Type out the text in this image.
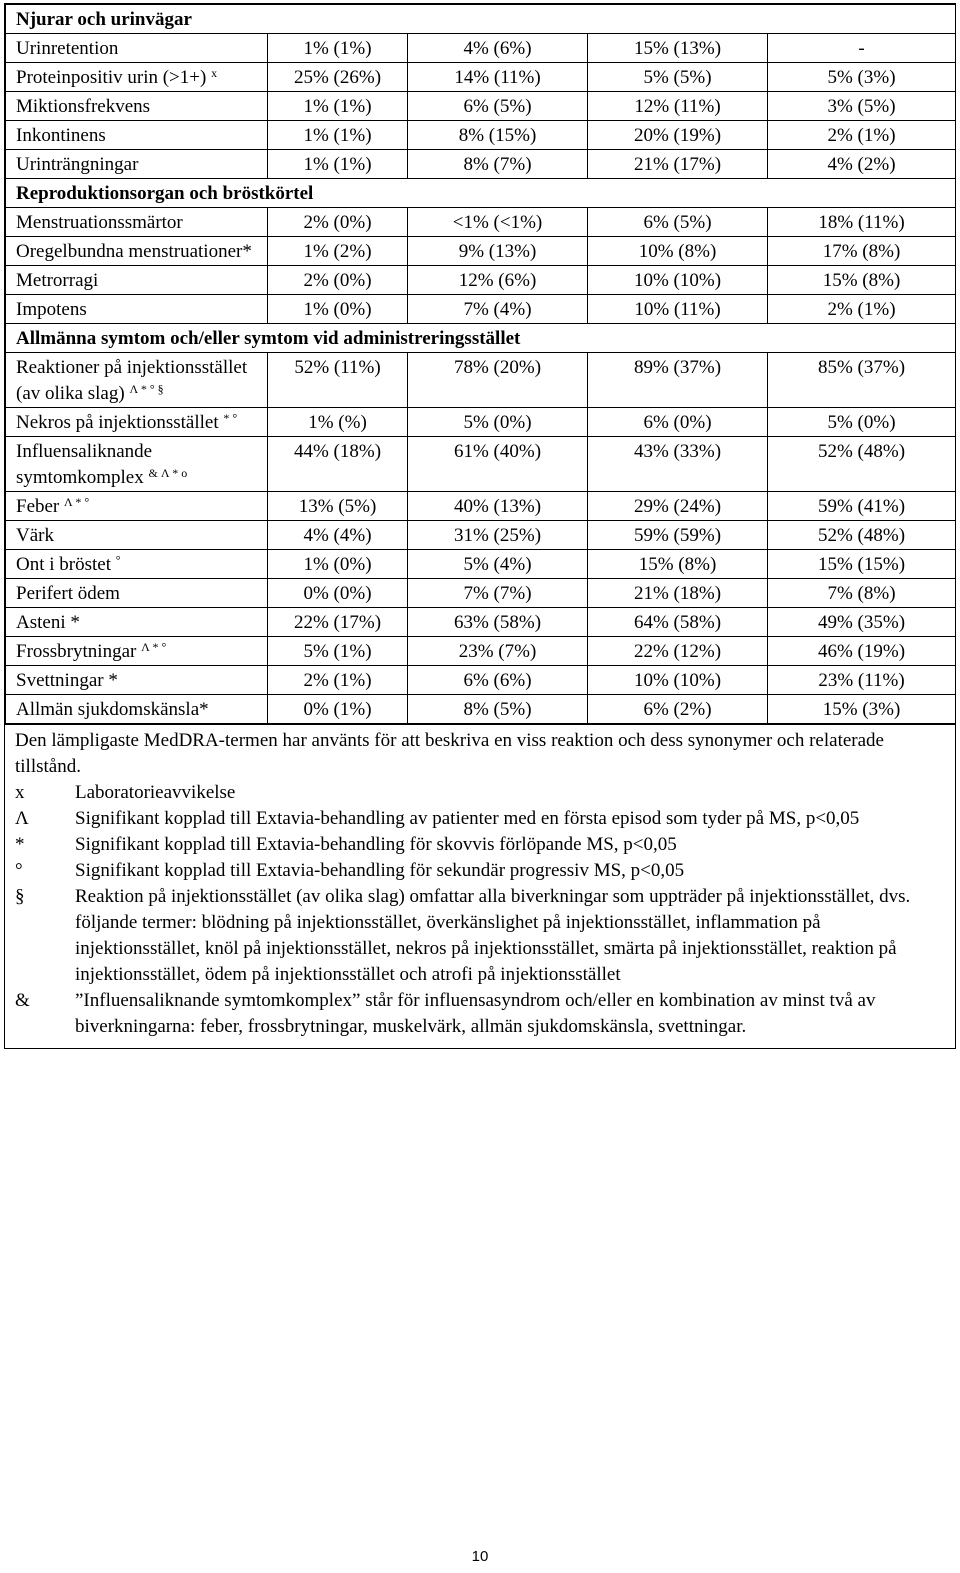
Njurar och urinvägar				
Urinretention	1% (1%)	4% (6%)	15% (13%)	-
Proteinpositiv urin (>1+) $^x$	25% (26%)	14% (11%)	5% (5%)	5% (3%)
Miktionsfrekvens	1% (1%)	6% (5%)	12% (11%)	3% (5%)
Inkontinens	1% (1%)	8% (15%)	20% (19%)	2% (1%)
Urinträngningar	1% (1%)	8% (7%)	21% (17%)	4% (2%)
Reproduktionsorgan och bröstkörtel				
Menstruationssmärtor	2% (0%)	<1% (<1%)	6% (5%)	18% (11%)
Oregelbundna menstruationer*	1% (2%)	9% (13%)	10% (8%)	17% (8%)
Metrorragi	2% (0%)	12% (6%)	10% (10%)	15% (8%)
Impotens	1% (0%)	7% (4%)	10% (11%)	2% (1%)
Allmänna symtom och/eller symtom vid administreringsstället				
Reaktioner på injektionsstället (av olika slag) $^{\Lambda * ^\circ \S}$	52% (11%)	78% (20%)	89% (37%)	85% (37%)
Nekros på injektionsstället * °	1% (%)	5% (0%)	6% (0%)	5% (0%)
Influensaliknande symtomkomplex $^{\& \Lambda * o}$	44% (18%)	61% (40%)	43% (33%)	52% (48%)
Feber $^{\Lambda * ^\circ}$	13% (5%)	40% (13%)	29% (24%)	59% (41%)
Värk	4% (4%)	31% (25%)	59% (59%)	52% (48%)
Ont i bröstet °	1% (0%)	5% (4%)	15% (8%)	15% (15%)
Perifert ödem	0% (0%)	7% (7%)	21% (18%)	7% (8%)
Asteni *	22% (17%)	63% (58%)	64% (58%)	49% (35%)
Frossbrytningar $^{\Lambda * ^\circ}$	5% (1%)	23% (7%)	22% (12%)	46% (19%)
Svettningar *	2% (1%)	6% (6%)	10% (10%)	23% (11%)
Allmän sjukdomskänsla*	0% (1%)	8% (5%)	6% (2%)	15% (3%)
Den lämpligaste MedDRA-termen har använts för att beskriva en viss reaktion och dess synonymer och relaterade tillstånd.
x	Laboratorieavvikelse
Λ	Signifikant kopplad till Extavia-behandling av patienter med en första episod som tyder på MS, p<0,05
*	Signifikant kopplad till Extavia-behandling för skovvis förlöpande MS, p<0,05
°	Signifikant kopplad till Extavia-behandling för sekundär progressiv MS, p<0,05
§	Reaktion på injektionsstället (av olika slag) omfattar alla biverkningar som uppträder på injektionsstället, dvs. följande termer: blödning på injektionsstället, överkänslighet på injektionsstället, inflammation på injektionsstället, knöl på injektionsstället, nekros på injektionsstället, smärta på injektionsstället, reaktion på injektionsstället, ödem på injektionsstället och atrofi på injektionsstället
&	”Influensaliknande symtomkomplex” står för influensasyndrom och/eller en kombination av minst två av biverkningarna: feber, frossbrytningar, muskelvärk, allmän sjukdomskänsla, svettningar.
10
